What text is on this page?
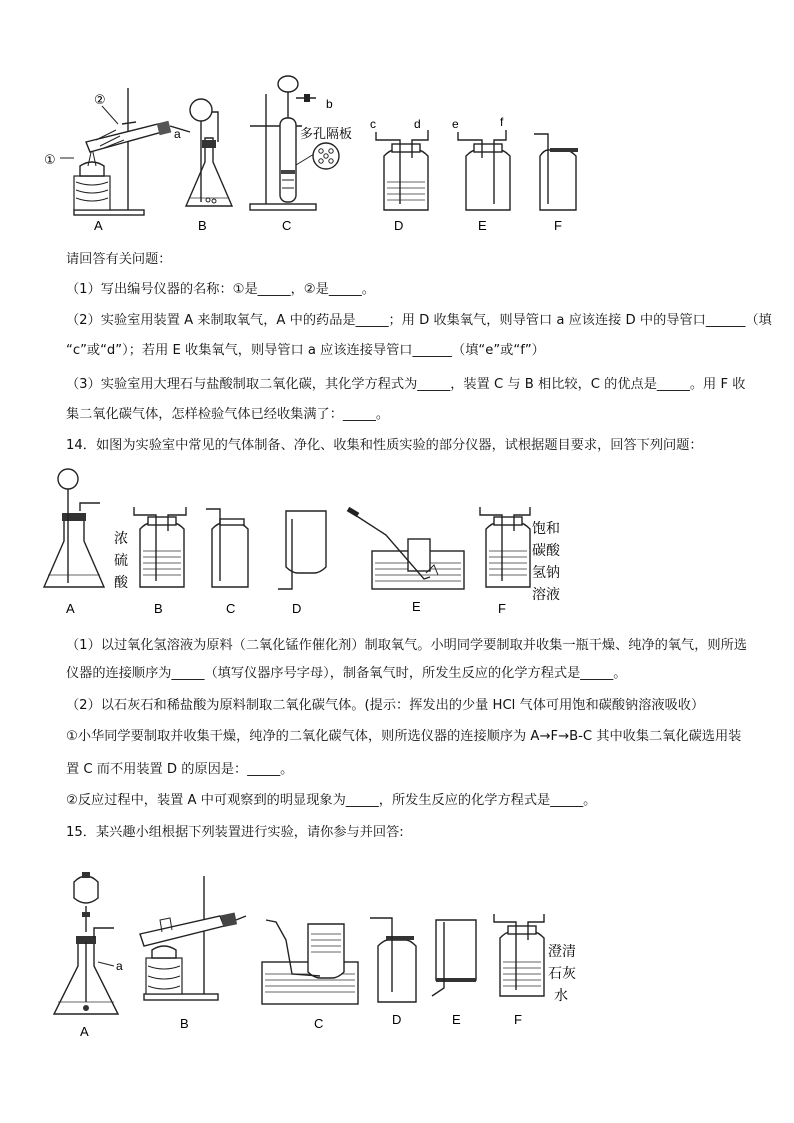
①
②
a
A	B
b
多孔隔板
C
c	d
D
e	f
E	F
请回答有关问题：
（1）写出编号仪器的名称：①是_____，②是_____。
（2）实验室用装置 A 来制取氧气，A 中的药品是_____；用 D 收集氧气，则导管口 a 应该连接 D 中的导管口______（填
“c”或“d”）；若用 E 收集氧气，则导管口 a 应该连接导管口______（填“e”或“f”）
（3）实验室用大理石与盐酸制取二氧化碳，其化学方程式为_____，装置 C 与 B 相比较，C 的优点是_____。用 F 收
集二氧化碳气体，怎样检验气体已经收集满了：_____。
14．如图为实验室中常见的气体制备、净化、收集和性质实验的部分仪器，试根据题目要求，回答下列问题：
A
浓
硫
酸
B	C	D	E
饱和
碳酸
氢钠
溶液
F
（1）以过氧化氢溶液为原料（二氧化锰作催化剂）制取氧气。小明同学要制取并收集一瓶干燥、纯净的氧气，则所选
仪器的连接顺序为_____（填写仪器序号字母），制备氧气时，所发生反应的化学方程式是_____。
（2）以石灰石和稀盐酸为原料制取二氧化碳气体。(提示：挥发出的少量 HCl 气体可用饱和碳酸钠溶液吸收）
①小华同学要制取并收集干燥，纯净的二氧化碳气体，则所选仪器的连接顺序为 A→F→B-C 其中收集二氧化碳选用装
置 C 而不用装置 D 的原因是：_____。
②反应过程中，装置 A 中可观察到的明显现象为_____，所发生反应的化学方程式是_____。
15．某兴趣小组根据下列装置进行实验，请你参与并回答:
a
A
B	C	D	E
澄清
石灰
水
F
